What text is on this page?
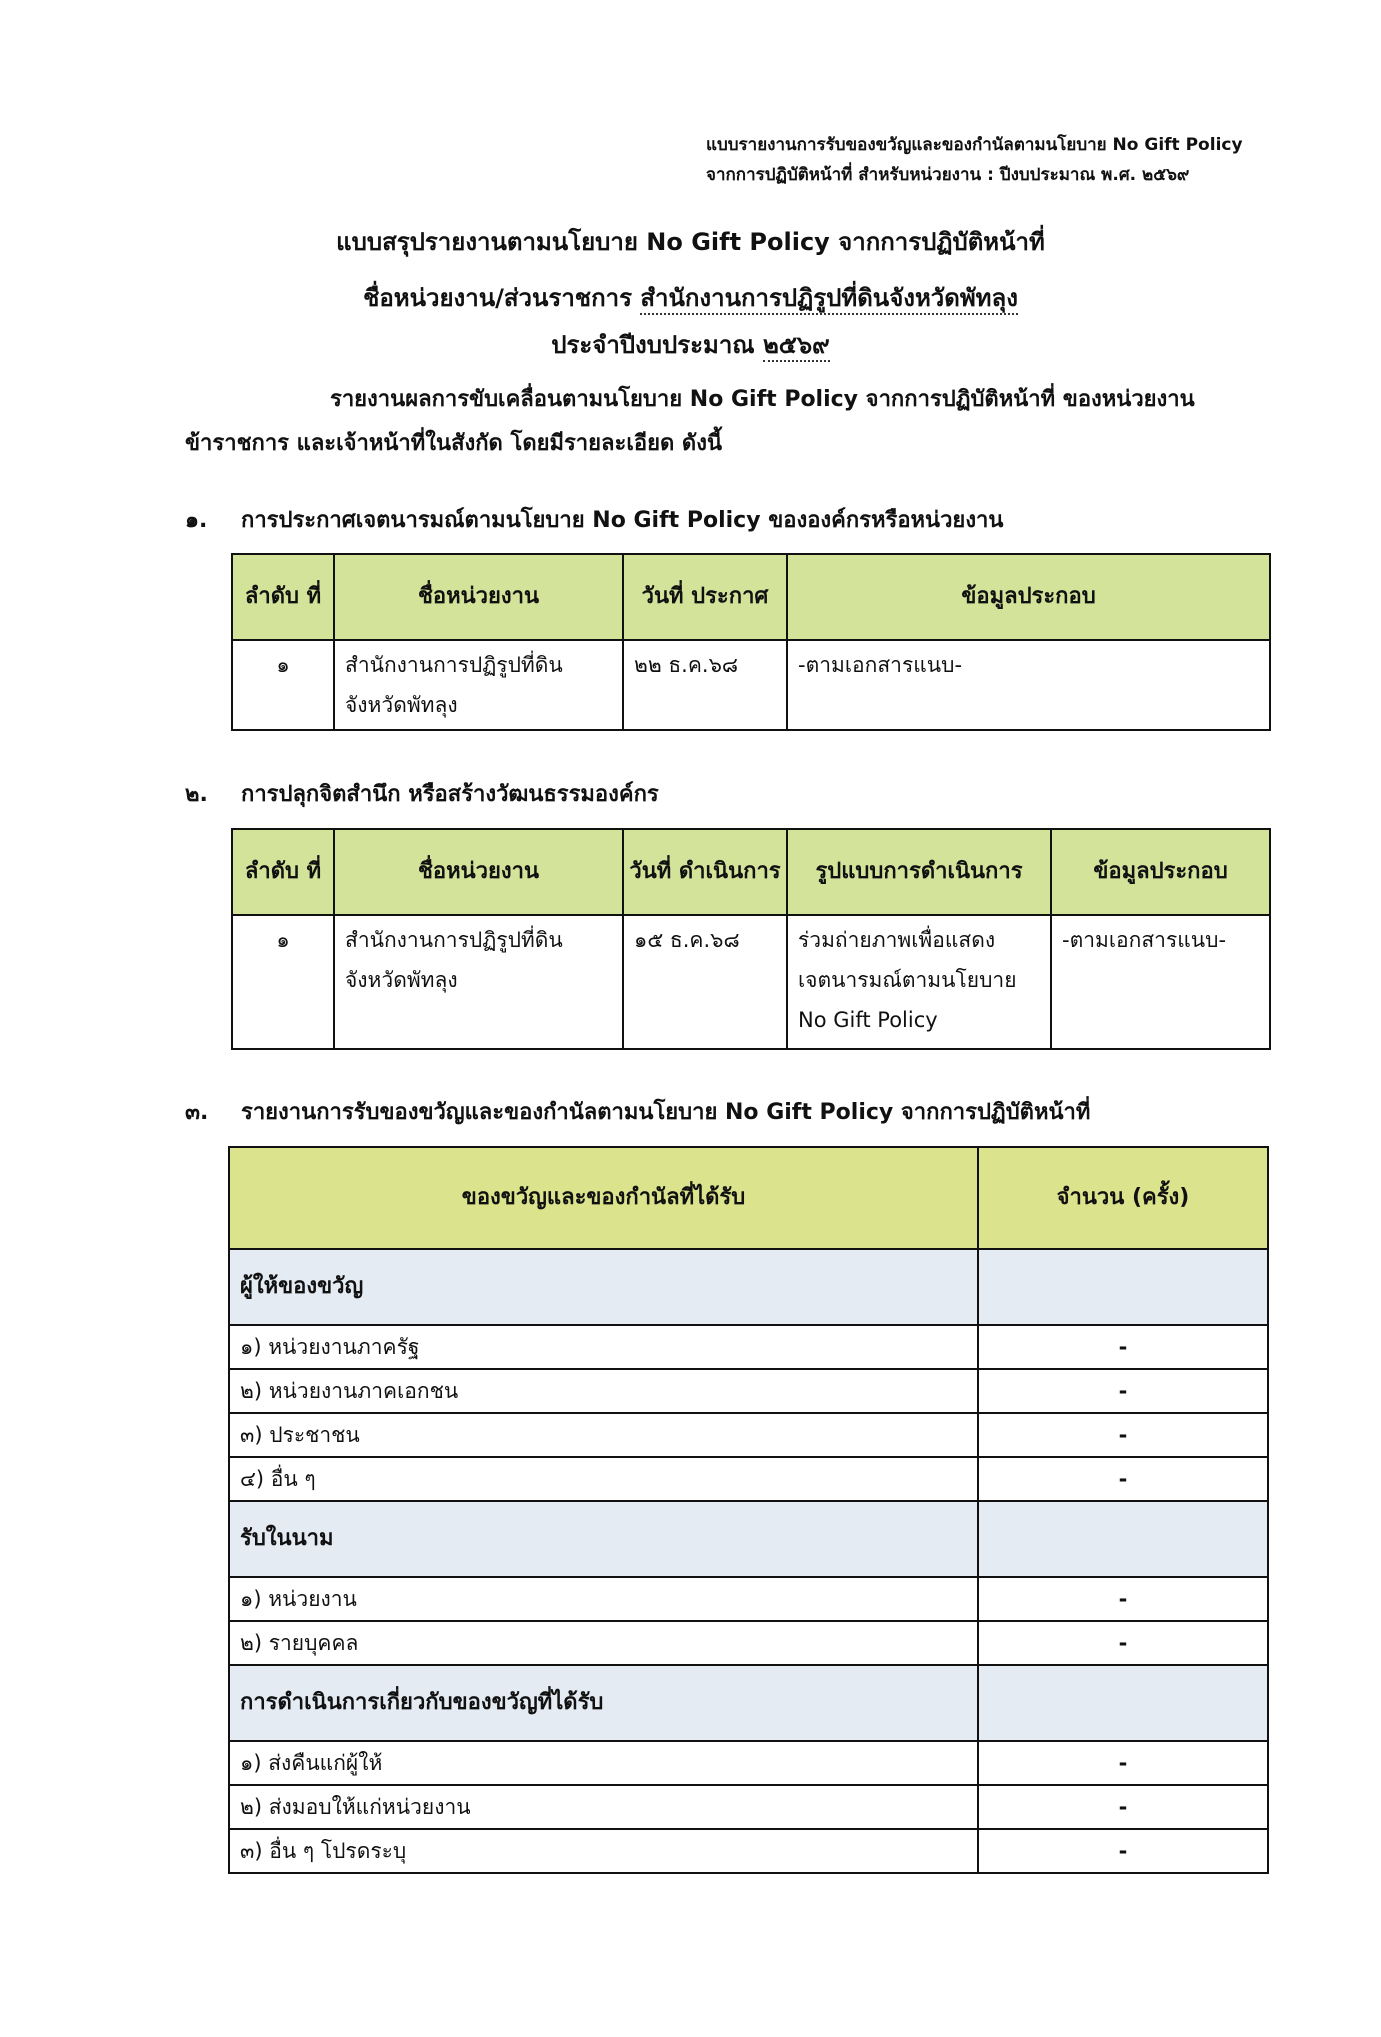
แบบรายงานการรับของขวัญและของกำนัลตามนโยบาย No Gift Policy
จากการปฏิบัติหน้าที่ สำหรับหน่วยงาน : ปีงบประมาณ พ.ศ. ๒๕๖๙
แบบสรุปรายงานตามนโยบาย No Gift Policy จากการปฏิบัติหน้าที่
ชื่อหน่วยงาน/ส่วนราชการ สำนักงานการปฏิรูปที่ดินจังหวัดพัทลุง
ประจำปีงบประมาณ ๒๕๖๙
รายงานผลการขับเคลื่อนตามนโยบาย No Gift Policy จากการปฏิบัติหน้าที่ ของหน่วยงาน
ข้าราชการ และเจ้าหน้าที่ในสังกัด โดยมีรายละเอียด ดังนี้
๑. การประกาศเจตนารมณ์ตามนโยบาย No Gift Policy ขององค์กรหรือหน่วยงาน
ลำดับ ที่	ชื่อหน่วยงาน	วันที่ ประกาศ	ข้อมูลประกอบ
๑	สำนักงานการปฏิรูปที่ดิน จังหวัดพัทลุง	๒๒ ธ.ค.๖๘	-ตามเอกสารแนบ-
๒. การปลุกจิตสำนึก หรือสร้างวัฒนธรรมองค์กร
ลำดับ ที่	ชื่อหน่วยงาน	วันที่ ดำเนินการ	รูปแบบการดำเนินการ	ข้อมูลประกอบ
๑	สำนักงานการปฏิรูปที่ดิน จังหวัดพัทลุง	๑๕ ธ.ค.๖๘	ร่วมถ่ายภาพเพื่อแสดง เจตนารมณ์ตามนโยบาย No Gift Policy	-ตามเอกสารแนบ-
๓. รายงานการรับของขวัญและของกำนัลตามนโยบาย No Gift Policy จากการปฏิบัติหน้าที่
ของขวัญและของกำนัลที่ได้รับ	จำนวน (ครั้ง)
ผู้ให้ของขวัญ	
๑) หน่วยงานภาครัฐ	-
๒) หน่วยงานภาคเอกชน	-
๓) ประชาชน	-
๔) อื่น ๆ	-
รับในนาม	
๑) หน่วยงาน	-
๒) รายบุคคล	-
การดำเนินการเกี่ยวกับของขวัญที่ได้รับ	
๑) ส่งคืนแก่ผู้ให้	-
๒) ส่งมอบให้แก่หน่วยงาน	-
๓) อื่น ๆ โปรดระบุ	-
